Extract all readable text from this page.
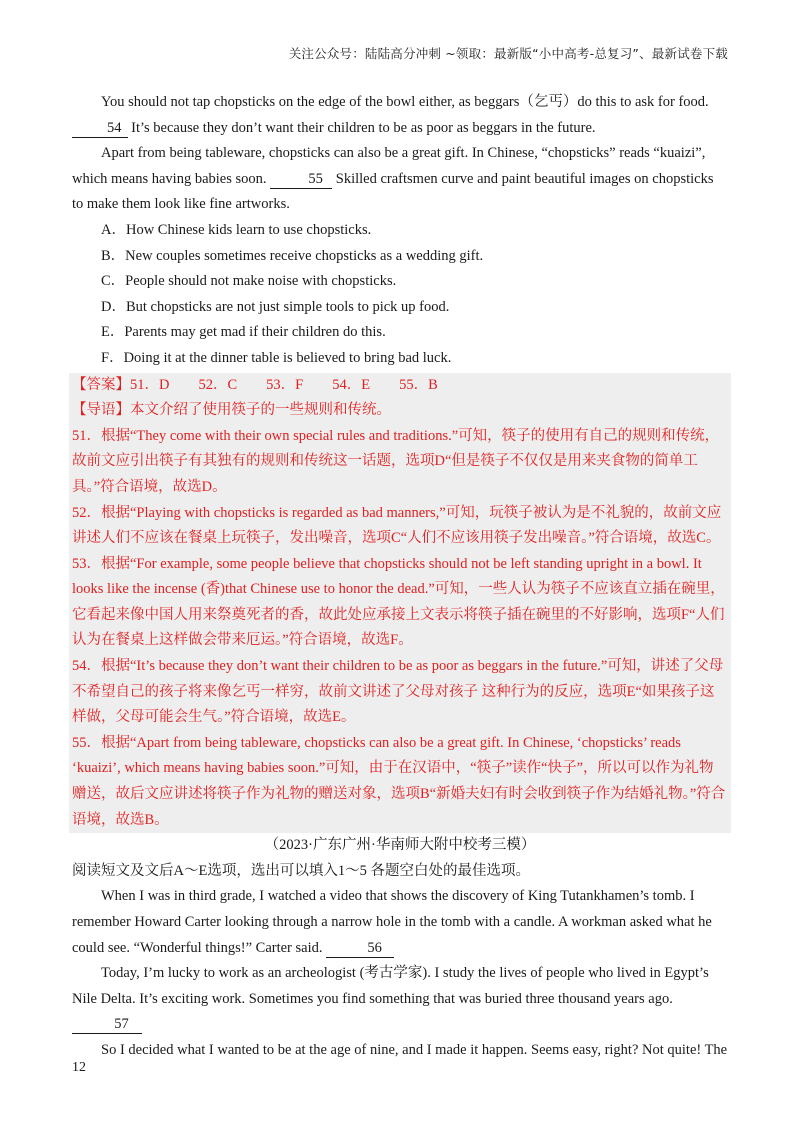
关注公众号：陆陆高分冲刺 ~领取：最新版“小中高考-总复习”、最新试卷下载

You should not tap chopsticks on the edge of the bowl either, as beggars（乞丐）do this to ask for food. 54 It’s because they don’t want their children to be as poor as beggars in the future.

Apart from being tableware, chopsticks can also be a great gift. In Chinese, “chopsticks” reads “kuaizi”, which means having babies soon.	55 Skilled craftsmen curve and paint beautiful images on chopsticks to make them look like fine artworks.

A．How Chinese kids learn to use chopsticks.

B．New couples sometimes receive chopsticks as a wedding gift.

C．People should not make noise with chopsticks.

D．But chopsticks are not just simple tools to pick up food.

E．Parents may get mad if their children do this.

F．Doing it at the dinner table is believed to bring bad luck.

【答案】51．D　　52．C　　53．F　　54．E　　55．B

【导语】本文介绍了使用筷子的一些规则和传统。

51．根据“They come with their own special rules and traditions.”可知，筷子的使用有自己的规则和传统，故前文应引出筷子有其独有的规则和传统这一话题，选项D“但是筷子不仅仅是用来夹食物的简单工具。”符合语境，故选D。

52．根据“Playing with chopsticks is regarded as bad manners,”可知，玩筷子被认为是不礼貌的，故前文应讲述人们不应该在餐桌上玩筷子，发出噪音，选项C“人们不应该用筷子发出噪音。”符合语境，故选C。

53．根据“For example, some people believe that chopsticks should not be left standing upright in a bowl. It looks like the incense (香)that Chinese use to honor the dead.”可知，一些人认为筷子不应该直立插在碗里，它看起来像中国人用来祭奠死者的香，故此处应承接上文表示将筷子插在碗里的不好影响，选项F“人们认为在餐桌上这样做会带来厄运。”符合语境，故选F。

54．根据“It’s because they don’t want their children to be as poor as beggars in the future.”可知，讲述了父母不希望自己的孩子将来像乞丐一样穷，故前文讲述了父母对孩子 这种行为的反应，选项E“如果孩子这样做，父母可能会生气。”符合语境，故选E。

55．根据“Apart from being tableware, chopsticks can also be a great gift. In Chinese, ‘chopsticks’ reads ‘kuaizi’, which means having babies soon.”可知，由于在汉语中，“筷子”读作“快子”，所以可以作为礼物赠送，故后文应讲述将筷子作为礼物的赠送对象，选项B“新婚夫妇有时会收到筷子作为结婚礼物。”符合语境，故选B。

（2023·广东广州·华南师大附中校考三模）

阅读短文及文后A～E选项，选出可以填入1～5 各题空白处的最佳选项。

When I was in third grade, I watched a video that shows the discovery of King Tutankhamen’s tomb. I remember Howard Carter looking through a narrow hole in the tomb with a candle. A workman asked what he could see. “Wonderful things!” Carter said.	56

Today, I’m lucky to work as an archeologist (考古学家). I study the lives of people who lived in Egypt’s Nile Delta. It’s exciting work. Sometimes you find something that was buried three thousand years ago. 57

So I decided what I wanted to be at the age of nine, and I made it happen. Seems easy, right? Not quite! The

12
